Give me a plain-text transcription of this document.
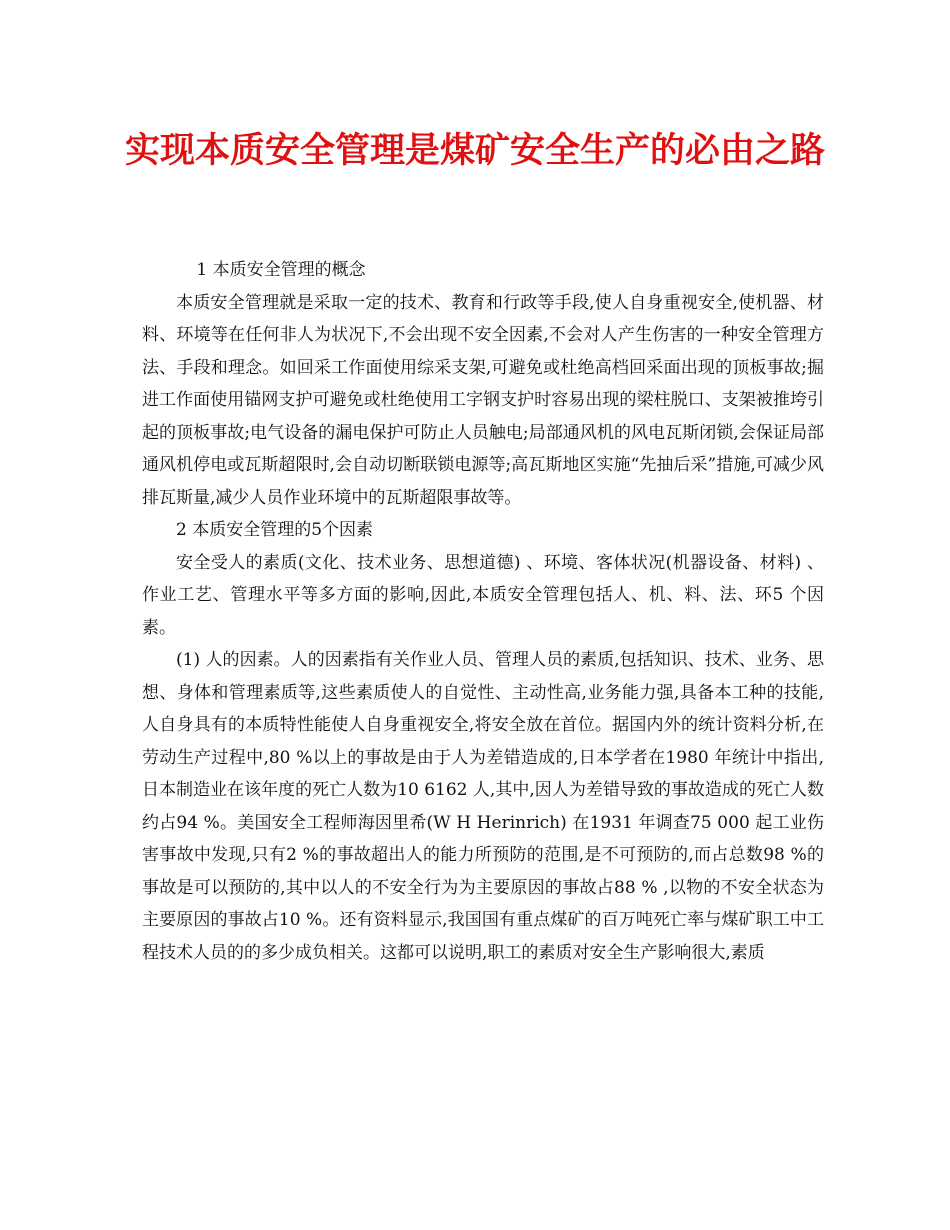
实现本质安全管理是煤矿安全生产的必由之路

1 本质安全管理的概念

本质安全管理就是采取一定的技术、教育和行政等手段,使人自身重视安全,使机器、材料、环境等在任何非人为状况下,不会出现不安全因素,不会对人产生伤害的一种安全管理方法、手段和理念。如回采工作面使用综采支架,可避免或杜绝高档回采面出现的顶板事故;掘进工作面使用锚网支护可避免或杜绝使用工字钢支护时容易出现的梁柱脱口、支架被推垮引起的顶板事故;电气设备的漏电保护可防止人员触电;局部通风机的风电瓦斯闭锁,会保证局部通风机停电或瓦斯超限时,会自动切断联锁电源等;高瓦斯地区实施“先抽后采”措施,可减少风排瓦斯量,减少人员作业环境中的瓦斯超限事故等。

2 本质安全管理的5个因素

安全受人的素质(文化、技术业务、思想道德) 、环境、客体状况(机器设备、材料) 、作业工艺、管理水平等多方面的影响,因此,本质安全管理包括人、机、料、法、环5 个因素。

(1) 人的因素。人的因素指有关作业人员、管理人员的素质,包括知识、技术、业务、思想、身体和管理素质等,这些素质使人的自觉性、主动性高,业务能力强,具备本工种的技能,人自身具有的本质特性能使人自身重视安全,将安全放在首位。据国内外的统计资料分析,在劳动生产过程中,80 %以上的事故是由于人为差错造成的,日本学者在1980 年统计中指出,日本制造业在该年度的死亡人数为10 6162 人,其中,因人为差错导致的事故造成的死亡人数约占94 %。美国安全工程师海因里希(W H Herinrich) 在1931 年调查75 000 起工业伤害事故中发现,只有2 %的事故超出人的能力所预防的范围,是不可预防的,而占总数98 %的事故是可以预防的,其中以人的不安全行为为主要原因的事故占88 % ,以物的不安全状态为主要原因的事故占10 %。还有资料显示,我国国有重点煤矿的百万吨死亡率与煤矿职工中工程技术人员的的多少成负相关。这都可以说明,职工的素质对安全生产影响很大,素质
